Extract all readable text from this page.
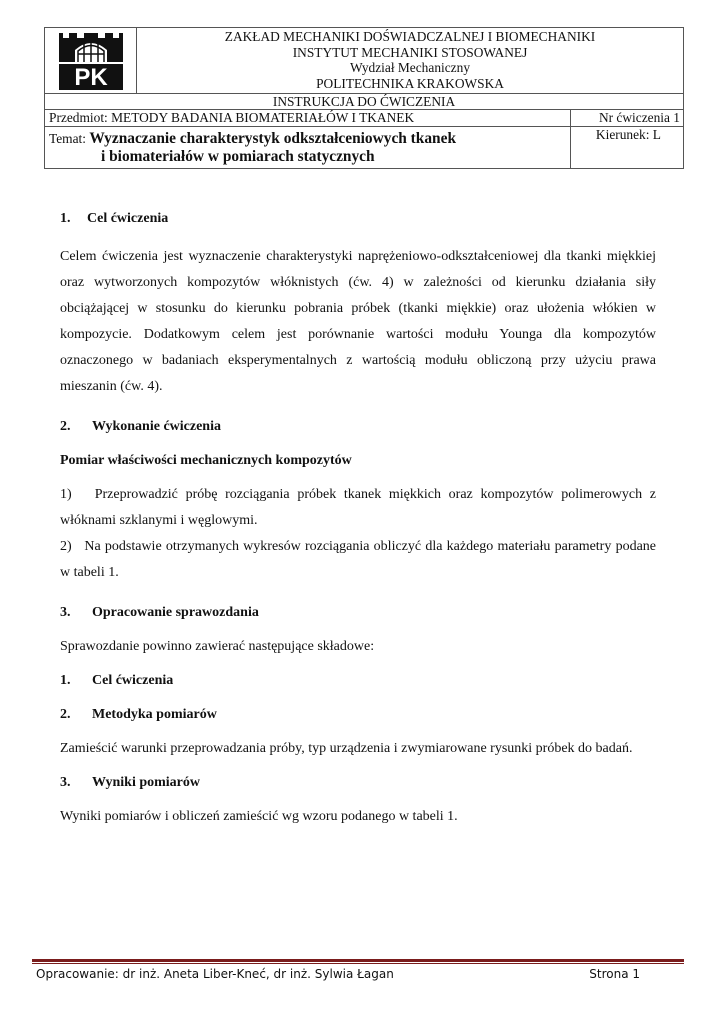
PK
ZAKŁAD MECHANIKI DOŚWIADCZALNEJ I BIOMECHANIKI
INSTYTUT MECHANIKI STOSOWANEJ
Wydział Mechaniczny
POLITECHNIKA KRAKOWSKA
INSTRUKCJA DO ĆWICZENIA
Przedmiot: METODY BADANIA BIOMATERIAŁÓW I TKANEK	Nr ćwiczenia 1
Temat: Wyznaczanie charakterystyk odkształceniowych tkanek
i biomateriałów w pomiarach statycznych
Kierunek: L
1. Cel ćwiczenia
Celem ćwiczenia jest wyznaczenie charakterystyki naprężeniowo-odkształceniowej dla tkanki miękkiej oraz wytworzonych kompozytów włóknistych (ćw. 4) w zależności od kierunku działania siły obciążającej w stosunku do kierunku pobrania próbek (tkanki miękkie) oraz ułożenia włókien w kompozycie. Dodatkowym celem jest porównanie wartości modułu Younga dla kompozytów oznaczonego w badaniach eksperymentalnych z wartością modułu obliczoną przy użyciu prawa mieszanin (ćw. 4).
2. Wykonanie ćwiczenia
Pomiar właściwości mechanicznych kompozytów
1) Przeprowadzić próbę rozciągania próbek tkanek miękkich oraz kompozytów polimerowych z włóknami szklanymi i węglowymi.
2) Na podstawie otrzymanych wykresów rozciągania obliczyć dla każdego materiału parametry podane w tabeli 1.
3. Opracowanie sprawozdania
Sprawozdanie powinno zawierać następujące składowe:
1. Cel ćwiczenia
2. Metodyka pomiarów
Zamieścić warunki przeprowadzania próby, typ urządzenia i zwymiarowane rysunki próbek do badań.
3. Wyniki pomiarów
Wyniki pomiarów i obliczeń zamieścić wg wzoru podanego w tabeli 1.
Opracowanie: dr inż. Aneta Liber-Kneć, dr inż. Sylwia Łagan	Strona 1
